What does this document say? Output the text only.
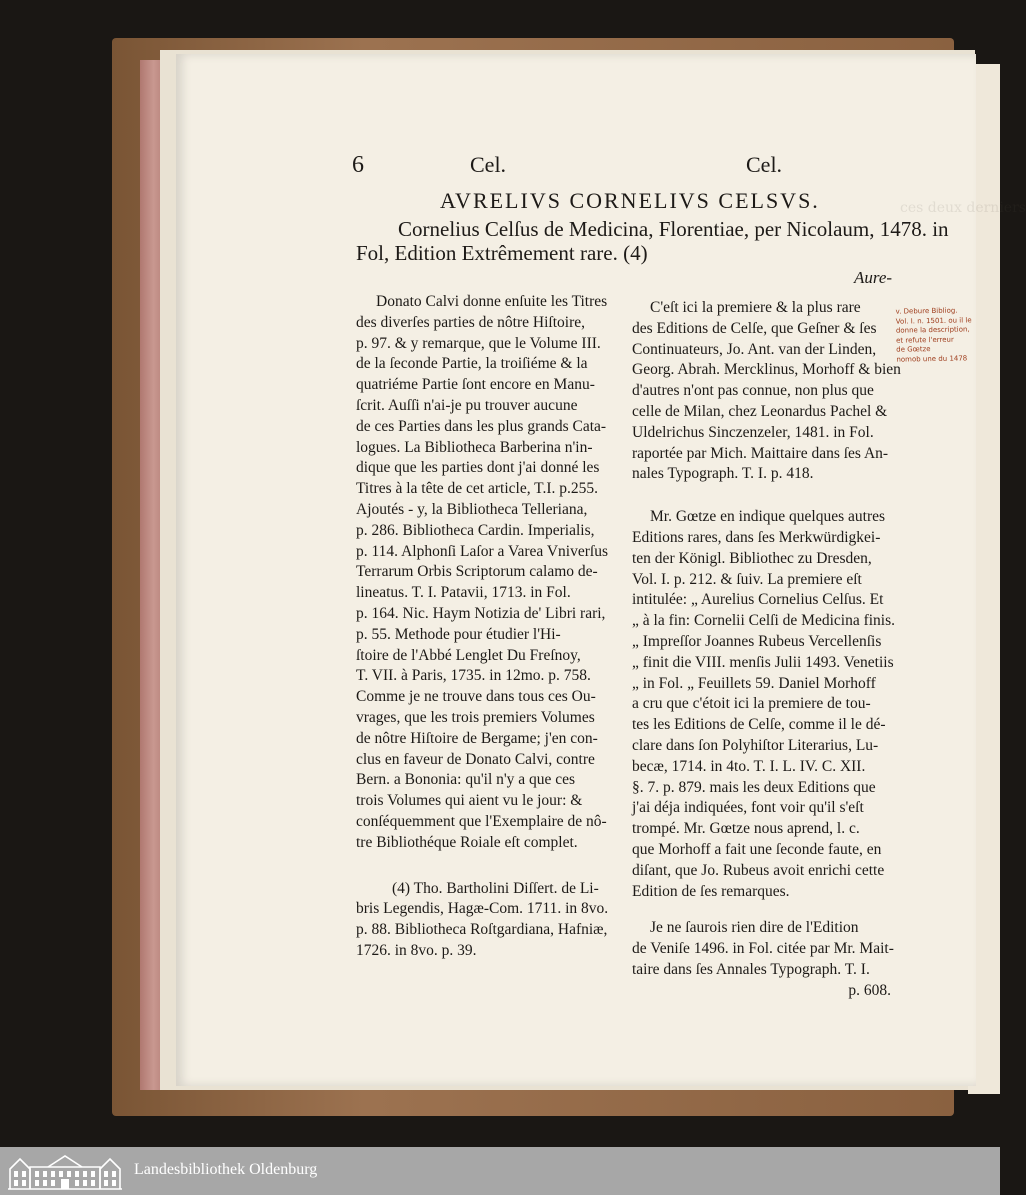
ces deux derniers
6	Cel.	Cel.
AVRELIVS CORNELIVS CELSVS.
Cornelius Celſus de Medicina, Florentiae, per Nicolaum, 1478. in
Fol, Edition Extrêmement rare. (4)
Aure-
Donato Calvi donne enſuite les Titres
des diverſes parties de nôtre Hiſtoire,
p. 97. & y remarque, que le Volume III.
de la ſeconde Partie, la troiſiéme & la
quatriéme Partie ſont encore en Manu-
ſcrit. Auſſi n'ai-je pu trouver aucune
de ces Parties dans les plus grands Cata-
logues. La Bibliotheca Barberina n'in-
dique que les parties dont j'ai donné les
Titres à la tête de cet article, T.I. p.255.
Ajoutés - y, la Bibliotheca Telleriana,
p. 286. Bibliotheca Cardin. Imperialis,
p. 114. Alphonſi Laſor a Varea Vniverſus
Terrarum Orbis Scriptorum calamo de-
lineatus. T. I. Patavii, 1713. in Fol.
p. 164. Nic. Haym Notizia de' Libri rari,
p. 55. Methode pour étudier l'Hi-
ſtoire de l'Abbé Lenglet Du Freſnoy,
T. VII. à Paris, 1735. in 12mo. p. 758.
Comme je ne trouve dans tous ces Ou-
vrages, que les trois premiers Volumes
de nôtre Hiſtoire de Bergame; j'en con-
clus en faveur de Donato Calvi, contre
Bern. a Bononia: qu'il n'y a que ces
trois Volumes qui aient vu le jour: &
conſéquemment que l'Exemplaire de nô-
tre Bibliothéque Roiale eſt complet.
(4) Tho. Bartholini Diſſert. de Li-
bris Legendis, Hagæ-Com. 1711. in 8vo.
p. 88. Bibliotheca Roſtgardiana, Hafniæ,
1726. in 8vo. p. 39.
C'eſt ici la premiere & la plus rare
des Editions de Celſe, que Geſner & ſes
Continuateurs, Jo. Ant. van der Linden,
Georg. Abrah. Mercklinus, Morhoff & bien
d'autres n'ont pas connue, non plus que
celle de Milan, chez Leonardus Pachel &
Uldelrichus Sinczenzeler, 1481. in Fol.
raportée par Mich. Maittaire dans ſes An-
nales Typograph. T. I. p. 418.
Mr. Gœtze en indique quelques autres
Editions rares, dans ſes Merkwürdigkei-
ten der Königl. Bibliothec zu Dresden,
Vol. I. p. 212. & ſuiv. La premiere eſt
intitulée: „ Aurelius Cornelius Celſus. Et
„ à la fin: Cornelii Celſi de Medicina finis.
„ Impreſſor Joannes Rubeus Vercellenſis
„ finit die VIII. menſis Julii 1493. Venetiis
„ in Fol. „ Feuillets 59. Daniel Morhoff
a cru que c'étoit ici la premiere de tou-
tes les Editions de Celſe, comme il le dé-
clare dans ſon Polyhiſtor Literarius, Lu-
becæ, 1714. in 4to. T. I. L. IV. C. XII.
§. 7. p. 879. mais les deux Editions que
j'ai déja indiquées, font voir qu'il s'eſt
trompé. Mr. Gœtze nous aprend, l. c.
que Morhoff a fait une ſeconde faute, en
diſant, que Jo. Rubeus avoit enrichi cette
Edition de ſes remarques.
Je ne ſaurois rien dire de l'Edition
de Veniſe 1496. in Fol. citée par Mr. Mait-
taire dans ſes Annales Typograph. T. I.
p. 608.
v. Debure Bibliog.
Vol. I. n. 1501. ou il le
donne la description,
et refute l'erreur
de Gœtze
nomob une du 1478
Landesbibliothek Oldenburg
